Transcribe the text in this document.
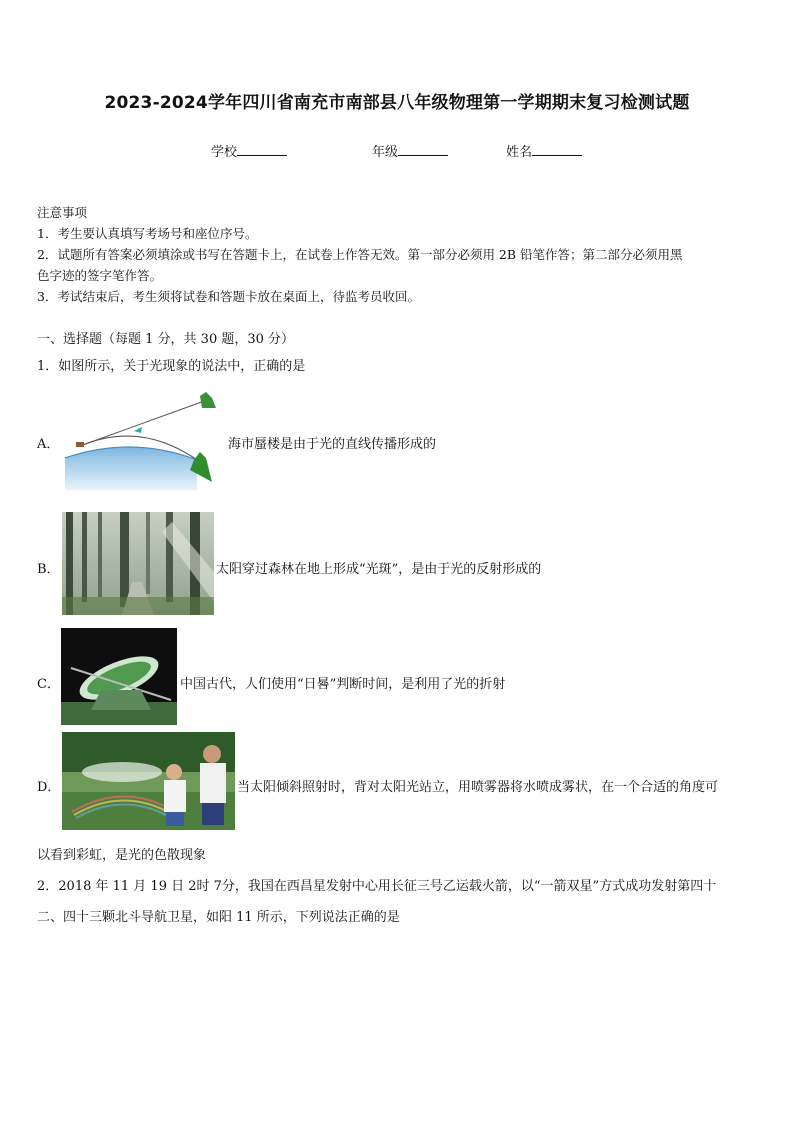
2023-2024学年四川省南充市南部县八年级物理第一学期期末复习检测试题
学校	年级	姓名
注意事项
1．考生要认真填写考场号和座位序号。
2．试题所有答案必须填涂或书写在答题卡上，在试卷上作答无效。第一部分必须用 2B 铅笔作答；第二部分必须用黑
色字迹的签字笔作答。
3．考试结束后，考生须将试卷和答题卡放在桌面上，待监考员收回。
一、选择题（每题 1 分，共 30 题，30 分）
1．如图所示，关于光现象的说法中，正确的是
A．	海市蜃楼是由于光的直线传播形成的
B．	太阳穿过森林在地上形成“光斑”，是由于光的反射形成的
C．	中国古代，人们使用“日晷”判断时间，是利用了光的折射
D．	当太阳倾斜照射时，背对太阳光站立，用喷雾器将水喷成雾状，在一个合适的角度可
以看到彩虹，是光的色散现象
2．2018 年 11 月 19 日 2时 7分，我国在西昌星发射中心用长征三号乙运载火箭，以“一箭双星”方式成功发射第四十
二、四十三颗北斗导航卫星，如阳 11 所示，下列说法正确的是
